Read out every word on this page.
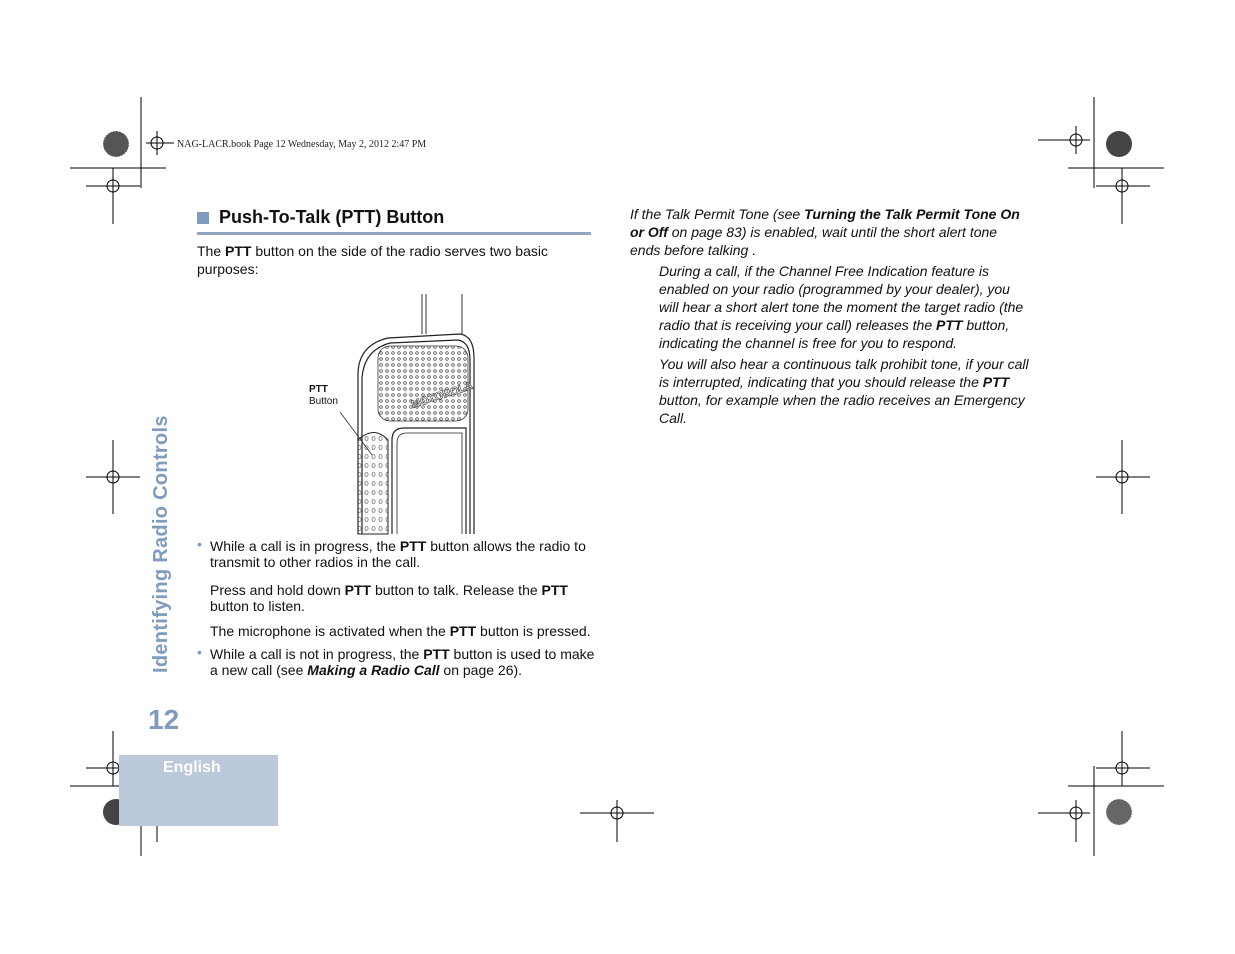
NAG-LACR.book Page 12 Wednesday, May 2, 2012 2:47 PM
Identifying Radio Controls
12
English
Push-To-Talk (PTT) Button
The PTT button on the side of the radio serves two basic purposes:
MOTOROLA
PTT
Button
• While a call is in progress, the PTT button allows the radio to transmit to other radios in the call.
Press and hold down PTT button to talk. Release the PTT button to listen.
The microphone is activated when the PTT button is pressed.
• While a call is not in progress, the PTT button is used to make a new call (see Making a Radio Call on page 26).
If the Talk Permit Tone (see Turning the Talk Permit Tone On or Off on page 83) is enabled, wait until the short alert tone ends before talking .
During a call, if the Channel Free Indication feature is enabled on your radio (programmed by your dealer), you will hear a short alert tone the moment the target radio (the radio that is receiving your call) releases the PTT button, indicating the channel is free for you to respond.
You will also hear a continuous talk prohibit tone, if your call is interrupted, indicating that you should release the PTT button, for example when the radio receives an Emergency Call.
